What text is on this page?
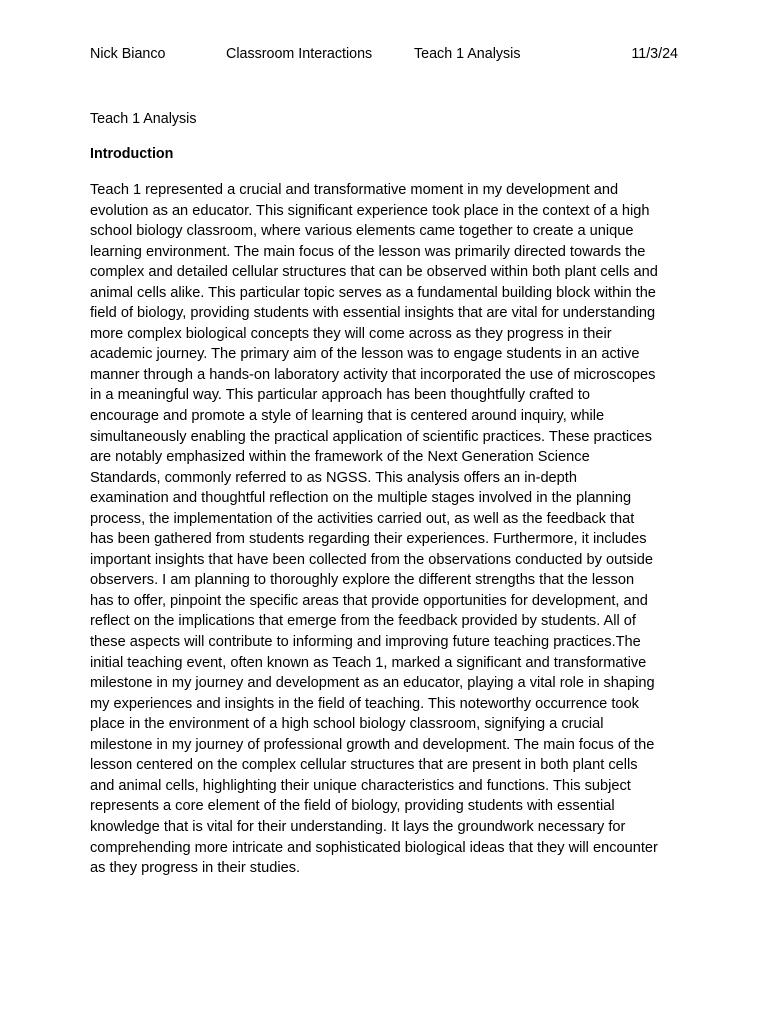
Nick Bianco	Classroom Interactions	Teach 1 Analysis	11/3/24
Teach 1 Analysis
Introduction

Teach 1 represented a crucial and transformative moment in my development and
evolution as an educator. This significant experience took place in the context of a high
school biology classroom, where various elements came together to create a unique
learning environment. The main focus of the lesson was primarily directed towards the
complex and detailed cellular structures that can be observed within both plant cells and
animal cells alike. This particular topic serves as a fundamental building block within the
field of biology, providing students with essential insights that are vital for understanding
more complex biological concepts they will come across as they progress in their
academic journey. The primary aim of the lesson was to engage students in an active
manner through a hands-on laboratory activity that incorporated the use of microscopes
in a meaningful way. This particular approach has been thoughtfully crafted to
encourage and promote a style of learning that is centered around inquiry, while
simultaneously enabling the practical application of scientific practices. These practices
are notably emphasized within the framework of the Next Generation Science
Standards, commonly referred to as NGSS. This analysis offers an in-depth
examination and thoughtful reflection on the multiple stages involved in the planning
process, the implementation of the activities carried out, as well as the feedback that
has been gathered from students regarding their experiences. Furthermore, it includes
important insights that have been collected from the observations conducted by outside
observers. I am planning to thoroughly explore the different strengths that the lesson
has to offer, pinpoint the specific areas that provide opportunities for development, and
reflect on the implications that emerge from the feedback provided by students. All of
these aspects will contribute to informing and improving future teaching practices.The
initial teaching event, often known as Teach 1, marked a significant and transformative
milestone in my journey and development as an educator, playing a vital role in shaping
my experiences and insights in the field of teaching. This noteworthy occurrence took
place in the environment of a high school biology classroom, signifying a crucial
milestone in my journey of professional growth and development. The main focus of the
lesson centered on the complex cellular structures that are present in both plant cells
and animal cells, highlighting their unique characteristics and functions. This subject
represents a core element of the field of biology, providing students with essential
knowledge that is vital for their understanding. It lays the groundwork necessary for
comprehending more intricate and sophisticated biological ideas that they will encounter
as they progress in their studies.
